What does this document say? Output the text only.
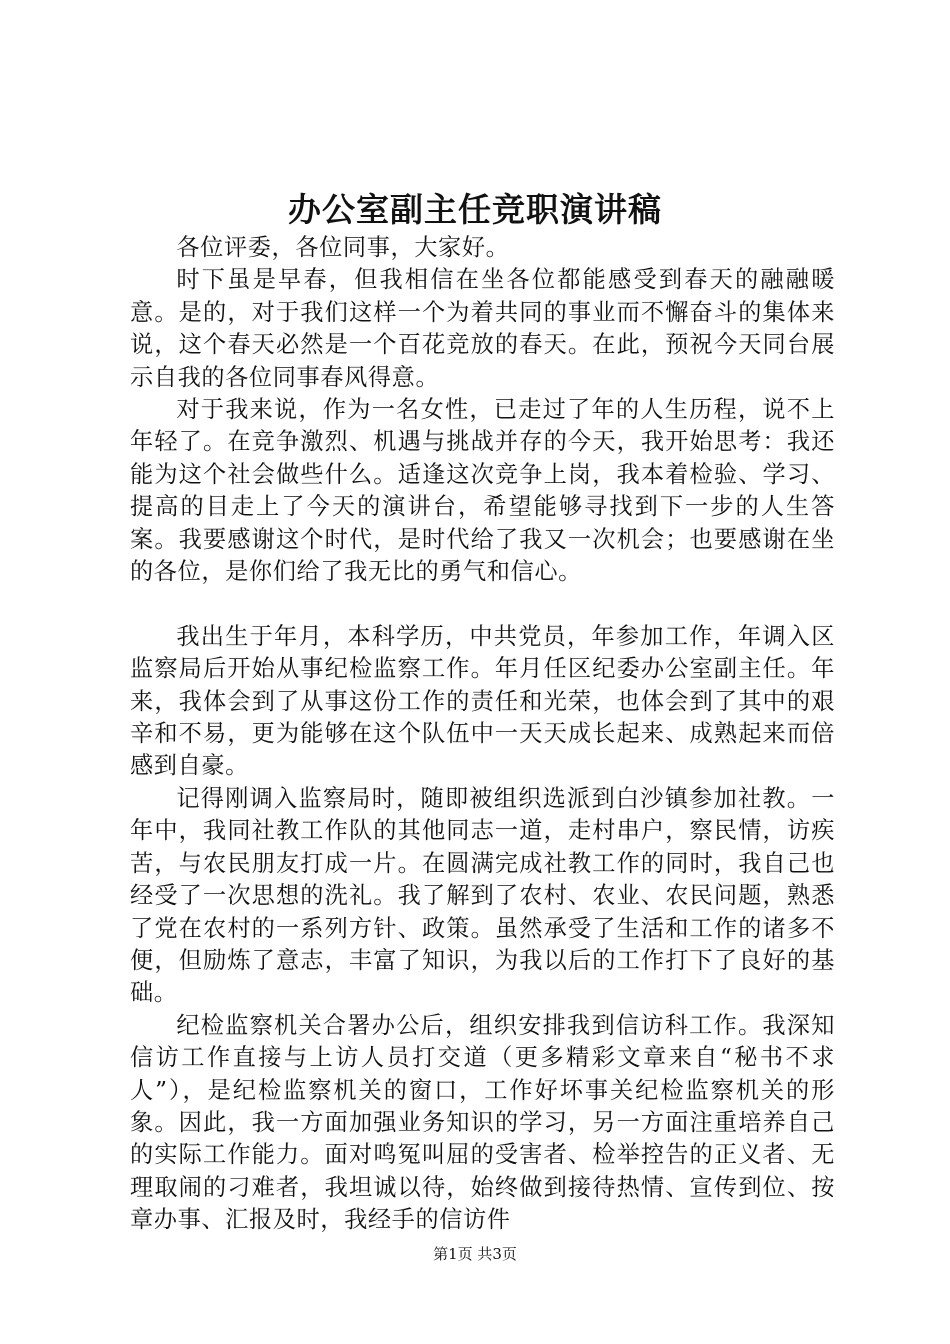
办公室副主任竞职演讲稿

各位评委，各位同事，大家好。

时下虽是早春，但我相信在坐各位都能感受到春天的融融暖意。是的，对于我们这样一个为着共同的事业而不懈奋斗的集体来说，这个春天必然是一个百花竞放的春天。在此，预祝今天同台展示自我的各位同事春风得意。

对于我来说，作为一名女性，已走过了年的人生历程，说不上年轻了。在竞争激烈、机遇与挑战并存的今天，我开始思考：我还能为这个社会做些什么。适逢这次竞争上岗，我本着检验、学习、提高的目走上了今天的演讲台，希望能够寻找到下一步的人生答案。我要感谢这个时代，是时代给了我又一次机会；也要感谢在坐的各位，是你们给了我无比的勇气和信心。

我出生于年月，本科学历，中共党员，年参加工作，年调入区监察局后开始从事纪检监察工作。年月任区纪委办公室副主任。年来，我体会到了从事这份工作的责任和光荣，也体会到了其中的艰辛和不易，更为能够在这个队伍中一天天成长起来、成熟起来而倍感到自豪。

记得刚调入监察局时，随即被组织选派到白沙镇参加社教。一年中，我同社教工作队的其他同志一道，走村串户，察民情，访疾苦，与农民朋友打成一片。在圆满完成社教工作的同时，我自己也经受了一次思想的洗礼。我了解到了农村、农业、农民问题，熟悉了党在农村的一系列方针、政策。虽然承受了生活和工作的诸多不便，但励炼了意志，丰富了知识，为我以后的工作打下了良好的基础。

纪检监察机关合署办公后，组织安排我到信访科工作。我深知信访工作直接与上访人员打交道（更多精彩文章来自“秘书不求人”），是纪检监察机关的窗口，工作好坏事关纪检监察机关的形象。因此，我一方面加强业务知识的学习，另一方面注重培养自己的实际工作能力。面对鸣冤叫屈的受害者、检举控告的正义者、无理取闹的刁难者，我坦诚以待，始终做到接待热情、宣传到位、按章办事、汇报及时，我经手的信访件

第1页 共3页
